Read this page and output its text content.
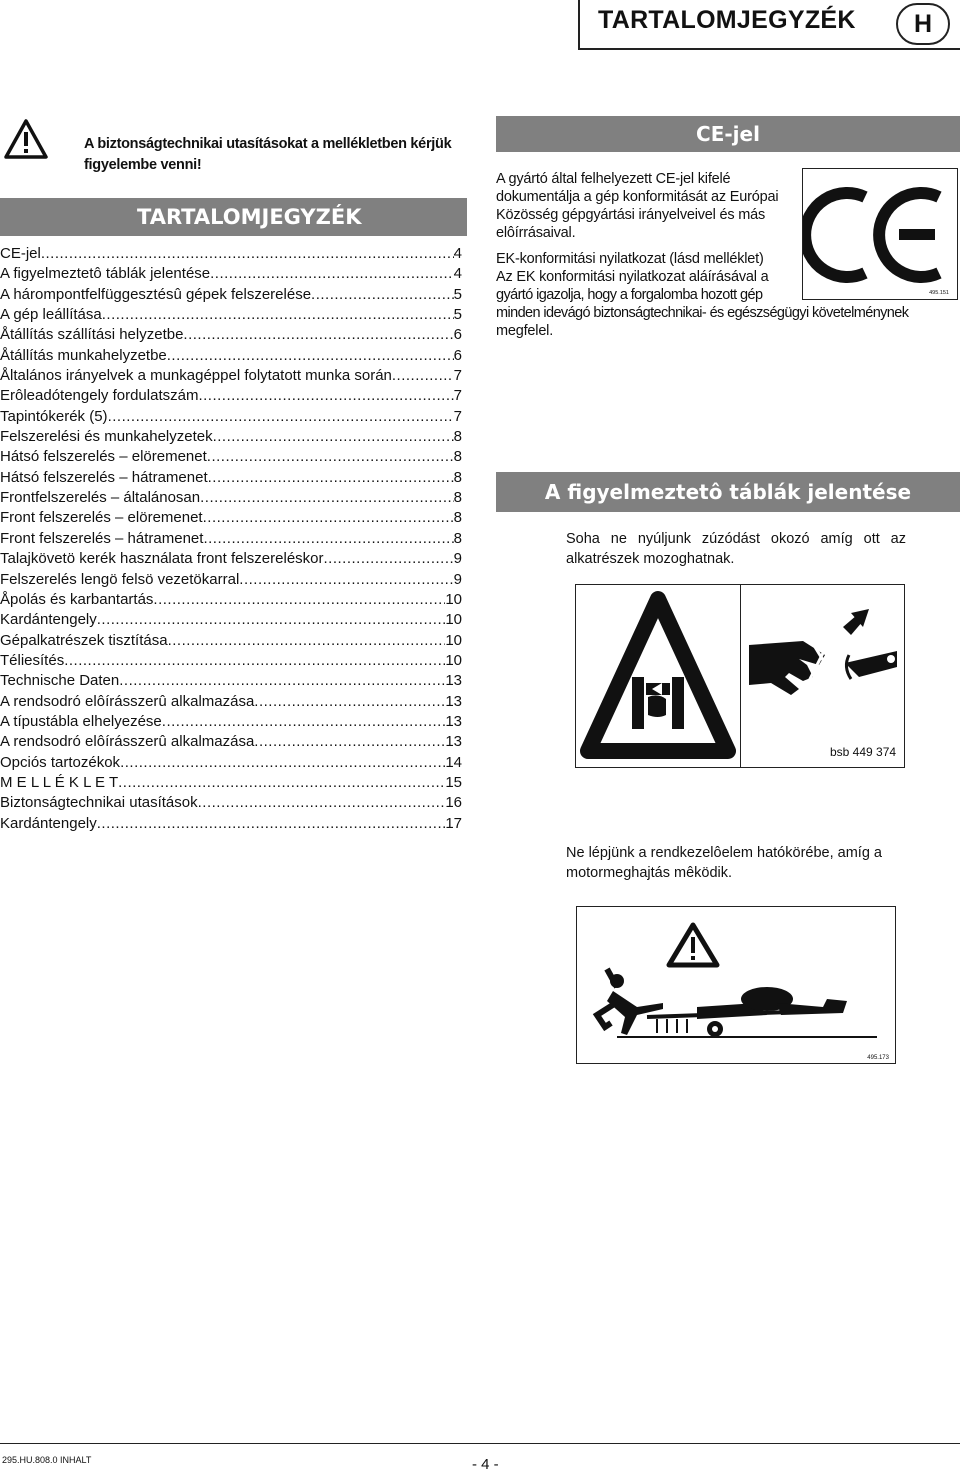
TARTALOMJEGYZÉK	H
A biztonságtechnikai utasításokat a mellékletben kérjük figyelembe venni!
TARTALOMJEGYZÉK
CE-jel .....	4
A figyelmeztetô táblák jelentése .....	4
A hárompontfelfüggesztésû gépek felszerelése .....	5
A gép leállítása .....	5
Åtállítás szállítási helyzetbe .....	6
Åtállítás munkahelyzetbe .....	6
Åltalános irányelvek a munkagéppel folytatott munka során .....	7
Erôleadótengely fordulatszám .....	7
Tapintókerék (5) .....	7
Felszerelési és munkahelyzetek .....	8
Hátsó felszerelés – elöremenet .....	8
Hátsó felszerelés – hátramenet .....	8
Frontfelszerelés – általánosan .....	8
Front felszerelés – elöremenet .....	8
Front felszerelés – hátramenet .....	8
Talajkövetö kerék használata front felszereléskor .....	9
Felszerelés lengö felsö vezetökarral .....	9
Åpolás és karbantartás .....	10
Kardántengely .....	10
Gépalkatrészek tisztítása .....	10
Téliesítés .....	10
Technische Daten .....	13
A rendsodró elôírásszerû alkalmazása .....	13
A típustábla elhelyezése .....	13
A rendsodró elôírásszerû alkalmazása .....	13
Opciós tartozékok .....	14
M E L L É K L E T .....	15
Biztonságtechnikai utasítások .....	16
Kardántengely .....	17
CE-jel
A gyártó által felhelyezett CE-jel kifelé
dokumentálja a gép konformitását az Európai
Közösség gépgyártási irányelveivel és más
elôírrásaival.
EK-konformitási nyilatkozat (lásd melléklet)
Az EK konformitási nyilatkozat aláírásával a
gyártó igazolja, hogy a forgalomba hozott gép
minden idevágó biztonságtechnikai- és egészségügyi követelménynek
megfelel.
495.151
A figyelmeztetô táblák jelentése
Soha ne nyúljunk zúzódást okozó amíg ott az alkatrészek mozoghatnak.
bsb 449 374
Ne lépjünk a rendkezelôelem hatókörébe, amíg a motormeghajtás mêködik.
495.173
295.HU.808.0 INHALT	- 4 -
